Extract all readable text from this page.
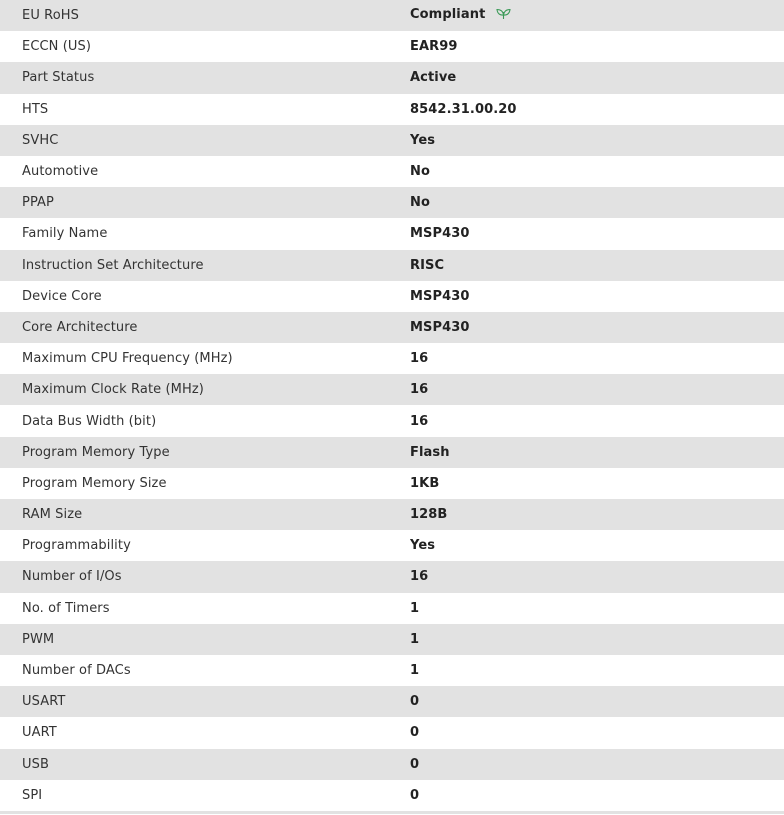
EU RoHS	Compliant
ECCN (US)	EAR99
Part Status	Active
HTS	8542.31.00.20
SVHC	Yes
Automotive	No
PPAP	No
Family Name	MSP430
Instruction Set Architecture	RISC
Device Core	MSP430
Core Architecture	MSP430
Maximum CPU Frequency (MHz)	16
Maximum Clock Rate (MHz)	16
Data Bus Width (bit)	16
Program Memory Type	Flash
Program Memory Size	1KB
RAM Size	128B
Programmability	Yes
Number of I/Os	16
No. of Timers	1
PWM	1
Number of DACs	1
USART	0
UART	0
USB	0
SPI	0
